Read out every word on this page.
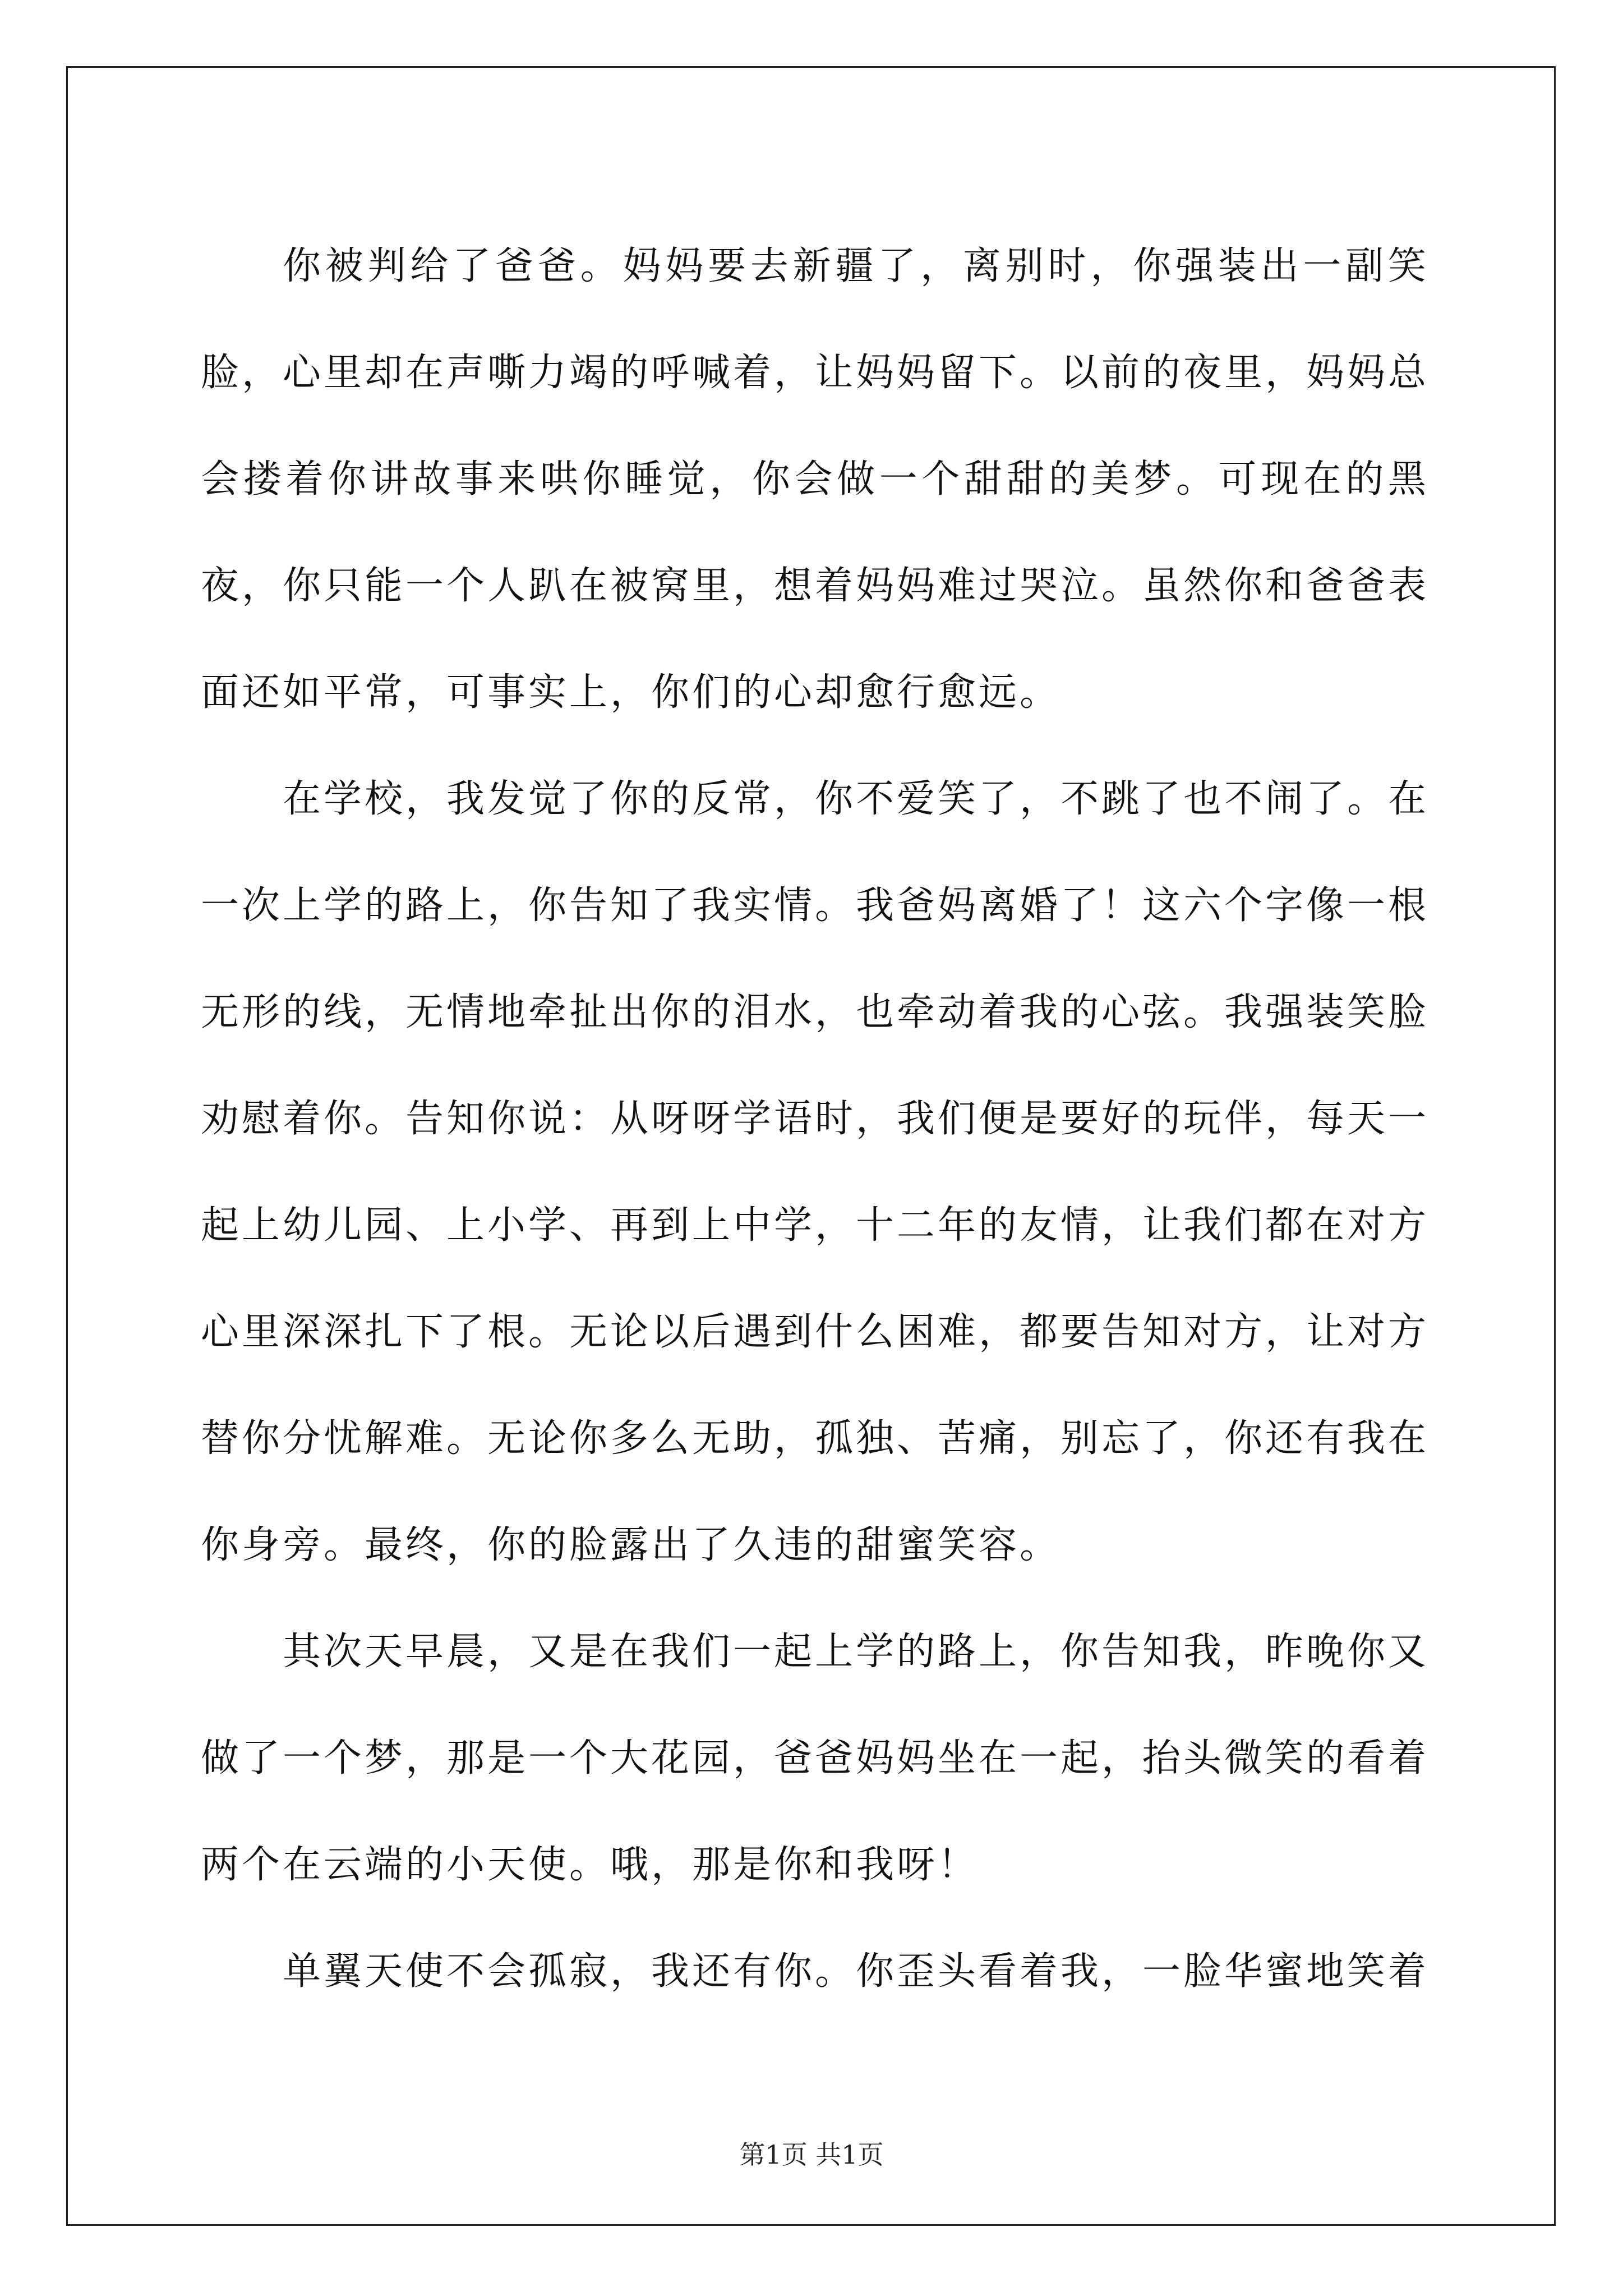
你被判给了爸爸。妈妈要去新疆了，离别时，你强装出一副笑脸，心里却在声嘶力竭的呼喊着，让妈妈留下。以前的夜里，妈妈总会搂着你讲故事来哄你睡觉，你会做一个甜甜的美梦。可现在的黑夜，你只能一个人趴在被窝里，想着妈妈难过哭泣。虽然你和爸爸表面还如平常，可事实上，你们的心却愈行愈远。

在学校，我发觉了你的反常，你不爱笑了，不跳了也不闹了。在一次上学的路上，你告知了我实情。我爸妈离婚了！这六个字像一根无形的线，无情地牵扯出你的泪水，也牵动着我的心弦。我强装笑脸劝慰着你。告知你说：从呀呀学语时，我们便是要好的玩伴，每天一起上幼儿园、上小学、再到上中学，十二年的友情，让我们都在对方心里深深扎下了根。无论以后遇到什么困难，都要告知对方，让对方替你分忧解难。无论你多么无助，孤独、苦痛，别忘了，你还有我在你身旁。最终，你的脸露出了久违的甜蜜笑容。

其次天早晨，又是在我们一起上学的路上，你告知我，昨晚你又做了一个梦，那是一个大花园，爸爸妈妈坐在一起，抬头微笑的看着两个在云端的小天使。哦，那是你和我呀！

单翼天使不会孤寂，我还有你。你歪头看着我，一脸华蜜地笑着

第1页 共1页
